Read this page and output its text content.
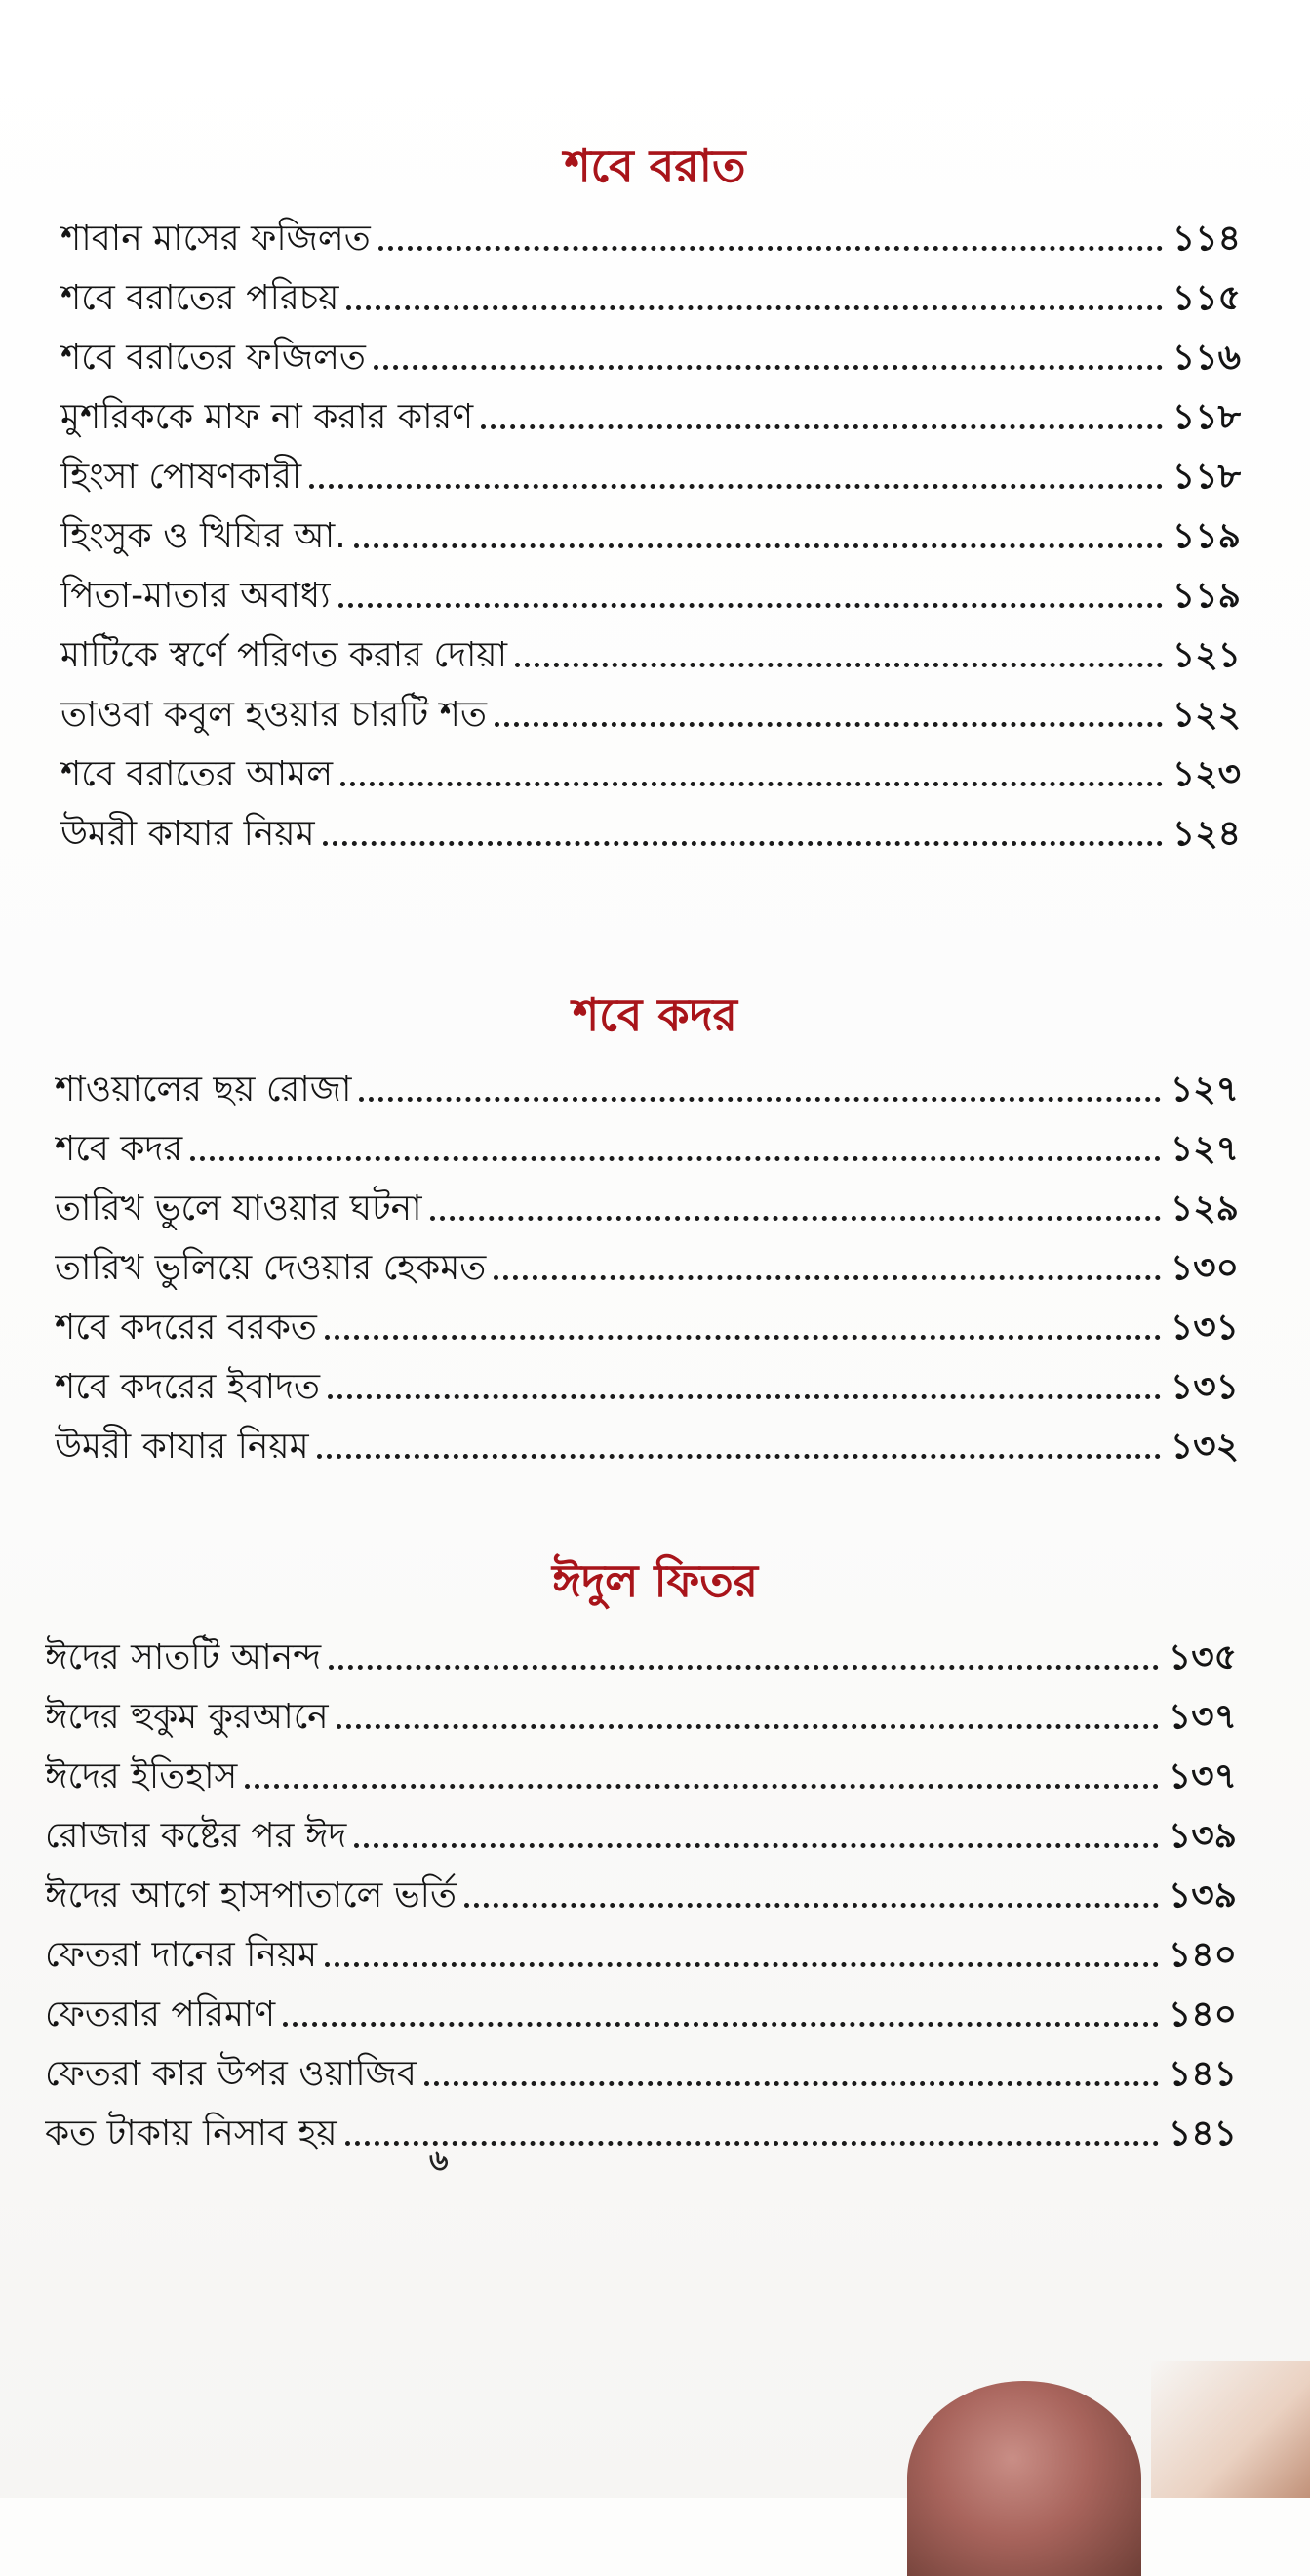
শবে বরাত
শাবান মাসের ফজিলত	১১৪
শবে বরাতের পরিচয়	১১৫
শবে বরাতের ফজিলত	১১৬
মুশরিককে মাফ না করার কারণ	১১৮
হিংসা পোষণকারী	১১৮
হিংসুক ও খিযির আ.	১১৯
পিতা-মাতার অবাধ্য	১১৯
মাটিকে স্বর্ণে পরিণত করার দোয়া	১২১
তাওবা কবুল হওয়ার চারটি শত	১২২
শবে বরাতের আমল	১২৩
উমরী কাযার নিয়ম	১২৪
শবে কদর
শাওয়ালের ছয় রোজা	১২৭
শবে কদর	১২৭
তারিখ ভুলে যাওয়ার ঘটনা	১২৯
তারিখ ভুলিয়ে দেওয়ার হেকমত	১৩০
শবে কদরের বরকত	১৩১
শবে কদরের ইবাদত	১৩১
উমরী কাযার নিয়ম	১৩২
ঈদুল ফিতর
ঈদের সাতটি আনন্দ	১৩৫
ঈদের হুকুম কুরআনে	১৩৭
ঈদের ইতিহাস	১৩৭
রোজার কষ্টের পর ঈদ	১৩৯
ঈদের আগে হাসপাতালে ভর্তি	১৩৯
ফেতরা দানের নিয়ম	১৪০
ফেতরার পরিমাণ	১৪০
ফেতরা কার উপর ওয়াজিব	১৪১
কত টাকায় নিসাব হয়	১৪১
৬
